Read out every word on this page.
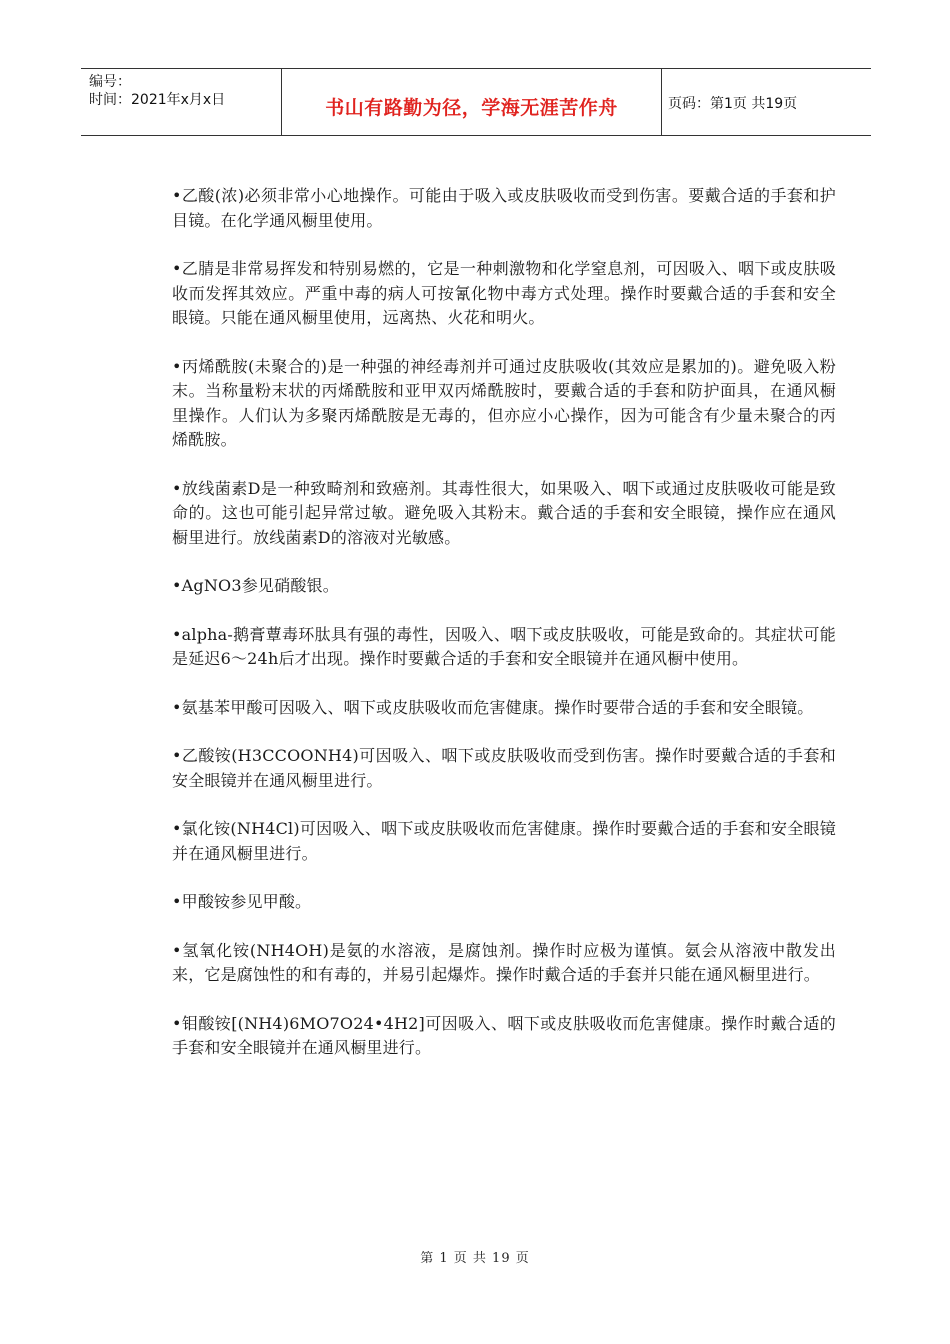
编号：
时间：2021年x月x日	书山有路勤为径，学海无涯苦作舟	页码：第1页 共19页

•乙酸(浓)必须非常小心地操作。可能由于吸入或皮肤吸收而受到伤害。要戴合适的手套和护目镜。在化学通风橱里使用。

•乙腈是非常易挥发和特别易燃的，它是一种刺激物和化学窒息剂，可因吸入、咽下或皮肤吸收而发挥其效应。严重中毒的病人可按氰化物中毒方式处理。操作时要戴合适的手套和安全眼镜。只能在通风橱里使用，远离热、火花和明火。

•丙烯酰胺(未聚合的)是一种强的神经毒剂并可通过皮肤吸收(其效应是累加的)。避免吸入粉末。当称量粉末状的丙烯酰胺和亚甲双丙烯酰胺时，要戴合适的手套和防护面具，在通风橱里操作。人们认为多聚丙烯酰胺是无毒的，但亦应小心操作，因为可能含有少量未聚合的丙烯酰胺。

•放线菌素D是一种致畸剂和致癌剂。其毒性很大，如果吸入、咽下或通过皮肤吸收可能是致命的。这也可能引起异常过敏。避免吸入其粉末。戴合适的手套和安全眼镜，操作应在通风橱里进行。放线菌素D的溶液对光敏感。

•AgNO3参见硝酸银。

•alpha-鹅膏蕈毒环肽具有强的毒性，因吸入、咽下或皮肤吸收，可能是致命的。其症状可能是延迟6～24h后才出现。操作时要戴合适的手套和安全眼镜并在通风橱中使用。

•氨基苯甲酸可因吸入、咽下或皮肤吸收而危害健康。操作时要带合适的手套和安全眼镜。

•乙酸铵(H3CCOONH4)可因吸入、咽下或皮肤吸收而受到伤害。操作时要戴合适的手套和安全眼镜并在通风橱里进行。

•氯化铵(NH4Cl)可因吸入、咽下或皮肤吸收而危害健康。操作时要戴合适的手套和安全眼镜并在通风橱里进行。

•甲酸铵参见甲酸。

•氢氧化铵(NH4OH)是氨的水溶液，是腐蚀剂。操作时应极为谨慎。氨会从溶液中散发出来，它是腐蚀性的和有毒的，并易引起爆炸。操作时戴合适的手套并只能在通风橱里进行。

•钼酸铵[(NH4)6MO7O24•4H2]可因吸入、咽下或皮肤吸收而危害健康。操作时戴合适的手套和安全眼镜并在通风橱里进行。

第 1 页 共 19 页
